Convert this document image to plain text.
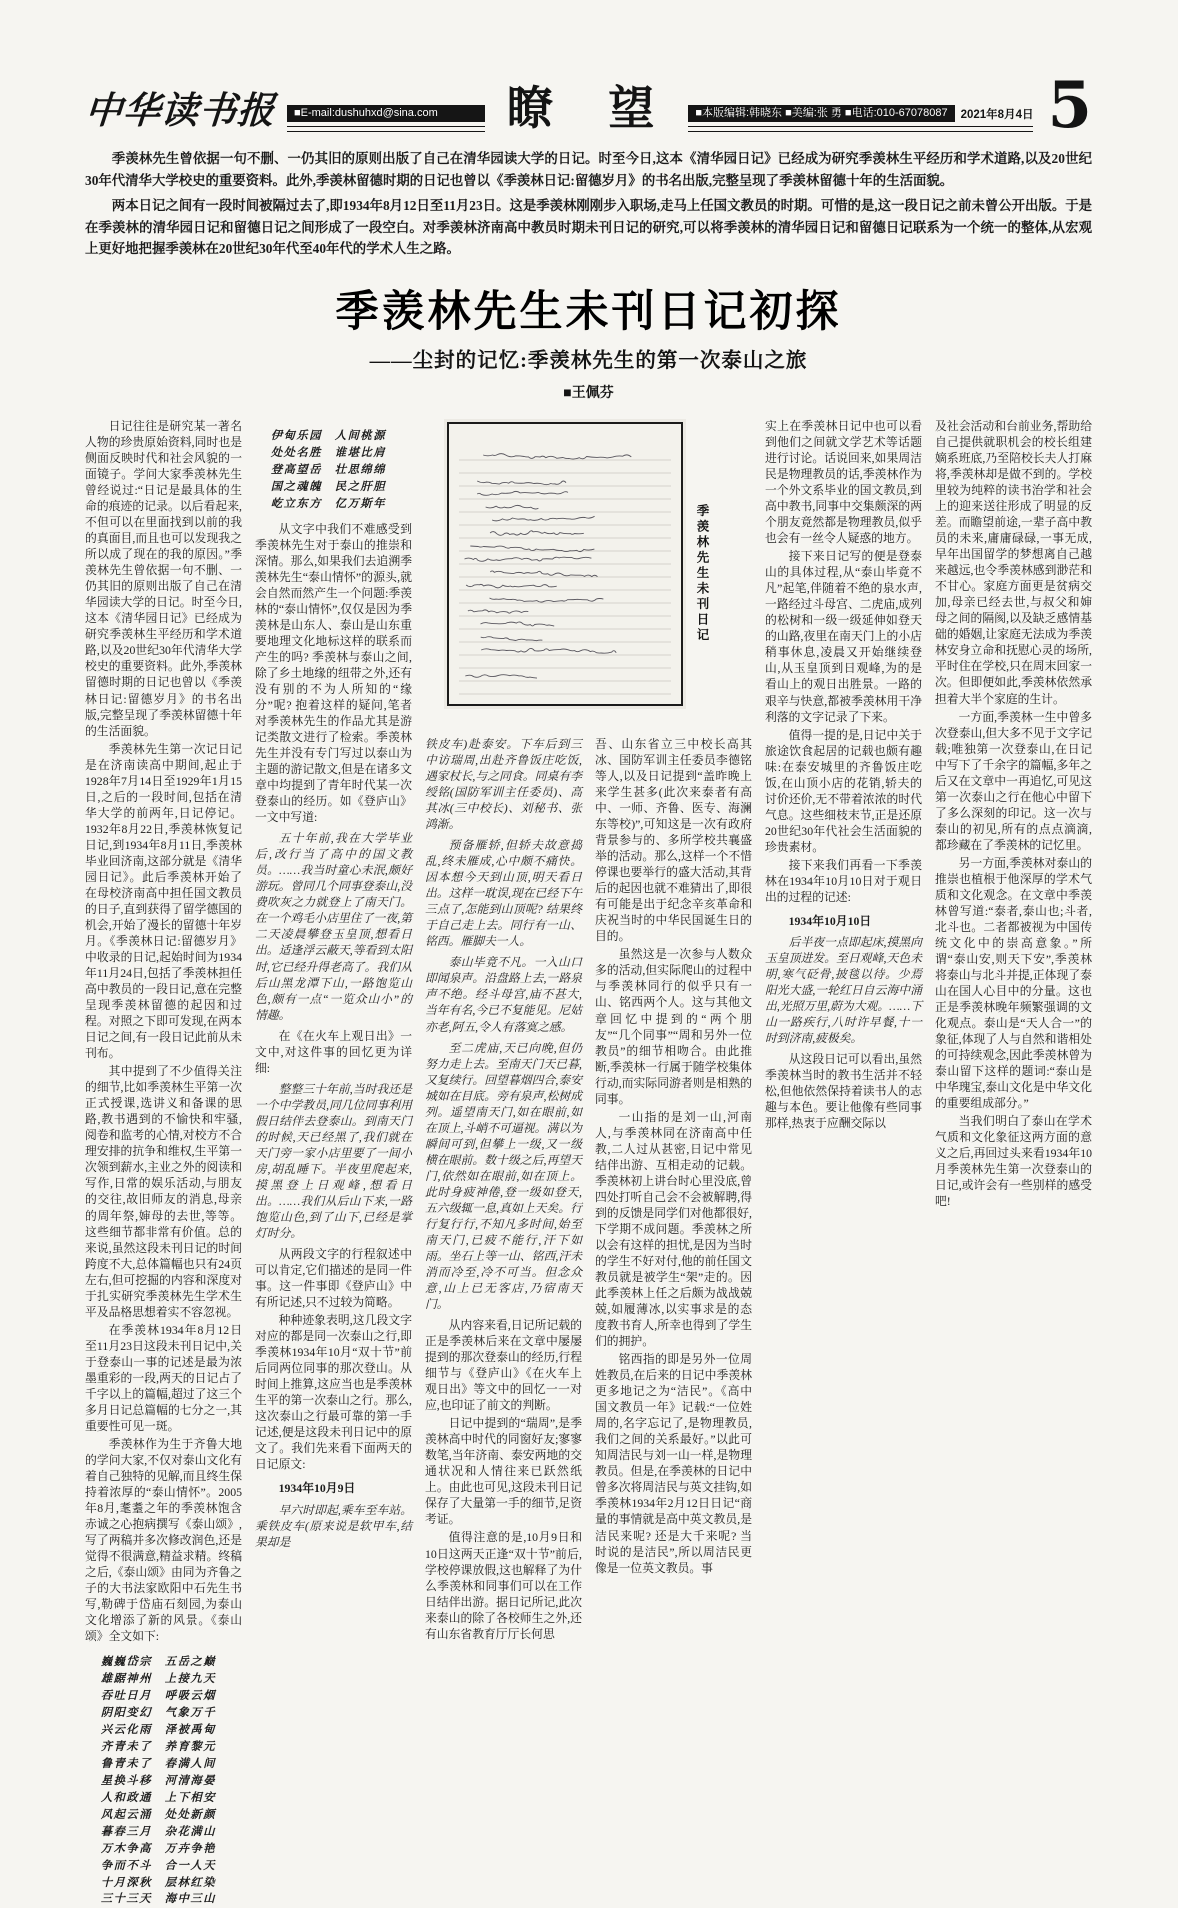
中华读书报	■E-mail:dushuhxd@sina.com	瞭 望	■本版编辑:韩晓东 ■美编:张 勇 ■电话:010-67078087	2021年8月4日 5

季羡林先生曾依据一句不删、一仍其旧的原则出版了自己在清华园读大学的日记。时至今日,这本《清华园日记》已经成为研究季羡林生平经历和学术道路,以及20世纪30年代清华大学校史的重要资料。此外,季羡林留德时期的日记也曾以《季羡林日记:留德岁月》的书名出版,完整呈现了季羡林留德十年的生活面貌。

两本日记之间有一段时间被隔过去了,即1934年8月12日至11月23日。这是季羡林刚刚步入职场,走马上任国文教员的时期。可惜的是,这一段日记之前未曾公开出版。于是在季羡林的清华园日记和留德日记之间形成了一段空白。对季羡林济南高中教员时期未刊日记的研究,可以将季羡林的清华园日记和留德日记联系为一个统一的整体,从宏观上更好地把握季羡林在20世纪30年代至40年代的学术人生之路。

季羡林先生未刊日记初探
——尘封的记忆:季羡林先生的第一次泰山之旅
■王佩芬
季羡林先生未刊日记
日记往往是研究某一著名人物的珍贵原始资料,同时也是侧面反映时代和社会风貌的一面镜子。学问大家季羡林先生曾经说过:“日记是最具体的生命的痕迹的记录。以后看起来,不但可以在里面找到以前的我的真面目,而且也可以发现我之所以成了现在的我的原因。”季羡林先生曾依据一句不删、一仍其旧的原则出版了自己在清华园读大学的日记。时至今日,这本《清华园日记》已经成为研究季羡林生平经历和学术道路,以及20世纪30年代清华大学校史的重要资料。此外,季羡林留德时期的日记也曾以《季羡林日记:留德岁月》的书名出版,完整呈现了季羡林留德十年的生活面貌。
季羡林先生第一次记日记是在济南读高中期间,起止于1928年7月14日至1929年1月15日,之后的一段时间,包括在清华大学的前两年,日记停记。1932年8月22日,季羡林恢复记日记,到1934年8月11日,季羡林毕业回济南,这部分就是《清华园日记》。此后季羡林开始了在母校济南高中担任国文教员的日子,直到获得了留学德国的机会,开始了漫长的留德十年岁月。《季羡林日记:留德岁月》中收录的日记,起始时间为1934年11月24日,包括了季羡林担任高中教员的一段日记,意在完整呈现季羡林留德的起因和过程。对照之下即可发现,在两本日记之间,有一段日记此前从未刊布。
其中提到了不少值得关注的细节,比如季羡林生平第一次正式授课,选讲义和备课的思路,教书遇到的不愉快和牢骚,阅卷和监考的心情,对校方不合理安排的抗争和维权,生平第一次领到薪水,主业之外的阅读和写作,日常的娱乐活动,与朋友的交往,故旧师友的消息,母亲的周年祭,婶母的去世,等等。这些细节都非常有价值。总的来说,虽然这段未刊日记的时间跨度不大,总体篇幅也只有24页左右,但可挖掘的内容和深度对于扎实研究季羡林先生学术生平及品格思想着实不容忽视。
在季羡林1934年8月12日至11月23日这段未刊日记中,关于登泰山一事的记述是最为浓墨重彩的一段,两天的日记占了千字以上的篇幅,超过了这三个多月日记总篇幅的七分之一,其重要性可见一斑。
季羡林作为生于齐鲁大地的学问大家,不仅对泰山文化有着自己独特的见解,而且终生保持着浓厚的“泰山情怀”。2005年8月,耄耋之年的季羡林饱含赤诚之心抱病撰写《泰山颂》,写了两稿并多次修改润色,还是觉得不很满意,精益求精。终稿之后,《泰山颂》由同为齐鲁之子的大书法家欧阳中石先生书写,勒碑于岱庙石刻园,为泰山文化增添了新的风景。《泰山颂》全文如下:
巍巍岱宗　五岳之巅
雄踞神州　上接九天
吞吐日月　呼吸云烟
阴阳变幻　气象万千
兴云化雨　泽被禹甸
齐青未了　养育黎元
鲁青未了　春满人间
星换斗移　河清海晏
人和政通　上下相安
风起云涌　处处新颜
暮春三月　杂花满山
万木争高　万卉争艳
争而不斗　合一人天
十月深秋　层林红染
三十三天　海中三山
伊甸乐园　人间桃源
处处名胜　谁堪比肩
登高望岳　壮思绵绵
国之魂魄　民之肝胆
屹立东方　亿万斯年
从文字中我们不难感受到季羡林先生对于泰山的推崇和深情。那么,如果我们去追溯季羡林先生“泰山情怀”的源头,就会自然而然产生一个问题:季羡林的“泰山情怀”,仅仅是因为季羡林是山东人、泰山是山东重要地理文化地标这样的联系而产生的吗? 季羡林与泰山之间,除了乡土地缘的纽带之外,还有没有别的不为人所知的“缘分”呢? 抱着这样的疑问,笔者对季羡林先生的作品尤其是游记类散文进行了检索。季羡林先生并没有专门写过以泰山为主题的游记散文,但是在诸多文章中均提到了青年时代某一次登泰山的经历。如《登庐山》一文中写道:
五十年前,我在大学毕业后,改行当了高中的国文教员。……我当时童心未泯,颇好游玩。曾同几个同事登泰山,没费吹灰之力就登上了南天门。在一个鸡毛小店里住了一夜,第二天凌晨攀登玉皇顶,想看日出。适逢浮云蔽天,等看到太阳时,它已经升得老高了。我们从后山黑龙潭下山,一路饱览山色,颇有一点“一览众山小”的情趣。
在《在火车上观日出》一文中,对这件事的回忆更为详细:
整整三十年前,当时我还是一个中学教员,同几位同事利用假日结伴去登泰山。到南天门的时候,天已经黑了,我们就在天门旁一家小店里要了一间小房,胡乱睡下。半夜里爬起来,摸黑登上日观峰,想看日出。……我们从后山下来,一路饱览山色,到了山下,已经是掌灯时分。
从两段文字的行程叙述中可以肯定,它们描述的是同一件事。这一件事即《登庐山》中有所记述,只不过较为简略。
种种迹象表明,这几段文字对应的都是同一次泰山之行,即季羡林1934年10月“双十节”前后同两位同事的那次登山。从时间上推算,这应当也是季羡林生平的第一次泰山之行。那么,这次泰山之行最可靠的第一手记述,便是这段未刊日记中的原文了。我们先来看下面两天的日记原文:
1934年10月9日
早六时即起,乘车至车站。乘铁皮车(原来说是软甲车,结果却是
铁皮车)赴泰安。下车后到三中访瑞周,出赴齐鲁饭庄吃饭,遇家杖长,与之同食。同桌有李绶铭(国防军训主任委员)、高其冰(三中校长)、刘秘书、张鸿渐。
预备雁轿,但轿夫故意捣乱,终未雁成,心中颇不痛快。因本想今天到山顶,明天看日出。这样一耽误,现在已经下午三点了,怎能到山顶呢? 结果终于自己走上去。同行有一山、铭西。雁脚夫一人。
泰山毕竟不凡。一入山口即闻泉声。沿盘路上去,一路泉声不绝。经斗母宫,庙不甚大,当年有名,今已不复能见。尼姑亦老,阿五,令人有落寞之感。
至二虎庙,天已向晚,但仍努力走上去。至南天门天已暮,又复续行。回望暮烟四合,泰安城如在目底。旁有泉声,松树成列。遥望南天门,如在眼前,如在顶上,斗峭不可逼视。满以为瞬间可到,但攀上一级,又一级横在眼前。数十级之后,再望天门,依然如在眼前,如在顶上。此时身疲神倦,登一级如登天,五六级辄一息,真如上天矣。行行复行行,不知凡多时间,始至南天门,已疲不能行,汗下如雨。坐石上等一山、铭西,汗未消而冷至,冷不可当。但念众意,山上已无客店,乃宿南天门。
从内容来看,日记所记载的正是季羡林后来在文章中屡屡提到的那次登泰山的经历,行程细节与《登庐山》《在火车上观日出》等文中的回忆一一对应,也印证了前文的判断。
日记中提到的“瑞周”,是季羡林高中时代的同窗好友;寥寥数笔,当年济南、泰安两地的交通状况和人情往来已跃然纸上。由此也可见,这段未刊日记保存了大量第一手的细节,足资考证。
值得注意的是,10月9日和10日这两天正逢“双十节”前后,学校停课放假,这也解释了为什么季羡林和同事们可以在工作日结伴出游。据日记所记,此次来泰山的除了各校师生之外,还有山东省教育厅厅长何思
吾、山东省立三中校长高其冰、国防军训主任委员李德铭等人,以及日记提到“盖昨晚上来学生甚多(此次来泰者有高中、一师、齐鲁、医专、海澜东等校)”,可知这是一次有政府背景参与的、多所学校共襄盛举的活动。那么,这样一个不惜停课也要举行的盛大活动,其背后的起因也就不难猜出了,即很有可能是出于纪念辛亥革命和庆祝当时的中华民国诞生日的目的。
虽然这是一次参与人数众多的活动,但实际爬山的过程中与季羡林同行的似乎只有一山、铭西两个人。这与其他文章回忆中提到的“两个朋友”“几个同事”“周和另外一位教员”的细节相吻合。由此推断,季羡林一行属于随学校集体行动,而实际同游者则是相熟的同事。
一山指的是刘一山,河南人,与季羡林同在济南高中任教,二人过从甚密,日记中常见结伴出游、互相走动的记载。季羡林初上讲台时心里没底,曾四处打听自己会不会被解聘,得到的反馈是同学们对他都很好,下学期不成问题。季羡林之所以会有这样的担忧,是因为当时的学生不好对付,他的前任国文教员就是被学生“架”走的。因此季羡林上任之后颇为战战兢兢,如履薄冰,以实事求是的态度教书育人,所幸也得到了学生们的拥护。
铭西指的即是另外一位周姓教员,在后来的日记中季羡林更多地记之为“洁民”。《高中国文教员一年》记载:“一位姓周的,名字忘记了,是物理教员,我们之间的关系最好。”以此可知周洁民与刘一山一样,是物理教员。但是,在季羡林的日记中曾多次将周洁民与英文挂钩,如季羡林1934年2月12日日记“商量的事情就是高中英文教员,是洁民来呢? 还是大千来呢? 当时说的是洁民”,所以周洁民更像是一位英文教员。事
实上在季羡林日记中也可以看到他们之间就文学艺术等话题进行讨论。话说回来,如果周洁民是物理教员的话,季羡林作为一个外文系毕业的国文教员,到高中教书,同事中交集颇深的两个朋友竟然都是物理教员,似乎也会有一丝令人疑惑的地方。
接下来日记写的便是登泰山的具体过程,从“泰山毕竟不凡”起笔,伴随着不绝的泉水声,一路经过斗母宫、二虎庙,成列的松树和一级一级延伸如登天的山路,夜里在南天门上的小店稍事休息,凌晨又开始继续登山,从玉皇顶到日观峰,为的是看山上的观日出胜景。一路的艰辛与快意,都被季羡林用干净利落的文字记录了下来。
值得一提的是,日记中关于旅途饮食起居的记载也颇有趣味:在泰安城里的齐鲁饭庄吃饭,在山顶小店的花销,轿夫的讨价还价,无不带着浓浓的时代气息。这些细枝末节,正是还原20世纪30年代社会生活面貌的珍贵素材。
接下来我们再看一下季羡林在1934年10月10日对于观日出的过程的记述:
1934年10月10日
后半夜一点即起床,摸黑向玉皇顶进发。至日观峰,天色未明,寒气砭骨,披毯以待。少焉阳光大盛,一轮红日自云海中涌出,光照万里,蔚为大观。……下山一路疾行,八时许早餐,十一时到济南,疲极矣。
从这段日记可以看出,虽然季羡林当时的教书生活并不轻松,但他依然保持着读书人的志趣与本色。要让他像有些同事那样,热衷于应酬交际以
及社会活动和台前业务,帮助给自己提供就职机会的校长组建嫡系班底,乃至陪校长夫人打麻将,季羡林却是做不到的。学校里较为纯粹的读书治学和社会上的迎来送往形成了明显的反差。而瞻望前途,一辈子高中教员的未来,庸庸碌碌,一事无成,早年出国留学的梦想离自己越来越远,也令季羡林感到渺茫和不甘心。家庭方面更是贫病交加,母亲已经去世,与叔父和婶母之间的隔阂,以及缺乏感情基础的婚姻,让家庭无法成为季羡林安身立命和抚慰心灵的场所,平时住在学校,只在周末回家一次。但即便如此,季羡林依然承担着大半个家庭的生计。
一方面,季羡林一生中曾多次登泰山,但大多不见于文字记载;唯独第一次登泰山,在日记中写下了千余字的篇幅,多年之后又在文章中一再追忆,可见这第一次泰山之行在他心中留下了多么深刻的印记。这一次与泰山的初见,所有的点点滴滴,都珍藏在了季羡林的记忆里。
另一方面,季羡林对泰山的推崇也植根于他深厚的学术气质和文化观念。在文章中季羡林曾写道:“泰者,泰山也;斗者,北斗也。二者都被视为中国传统文化中的崇高意象。”所谓“泰山安,则天下安”,季羡林将泰山与北斗并提,正体现了泰山在国人心目中的分量。这也正是季羡林晚年频繁强调的文化观点。泰山是“天人合一”的象征,体现了人与自然和谐相处的可持续观念,因此季羡林曾为泰山留下这样的题词:“泰山是中华瑰宝,泰山文化是中华文化的重要组成部分。”
当我们明白了泰山在学术气质和文化象征这两方面的意义之后,再回过头来看1934年10月季羡林先生第一次登泰山的日记,或许会有一些别样的感受吧!
